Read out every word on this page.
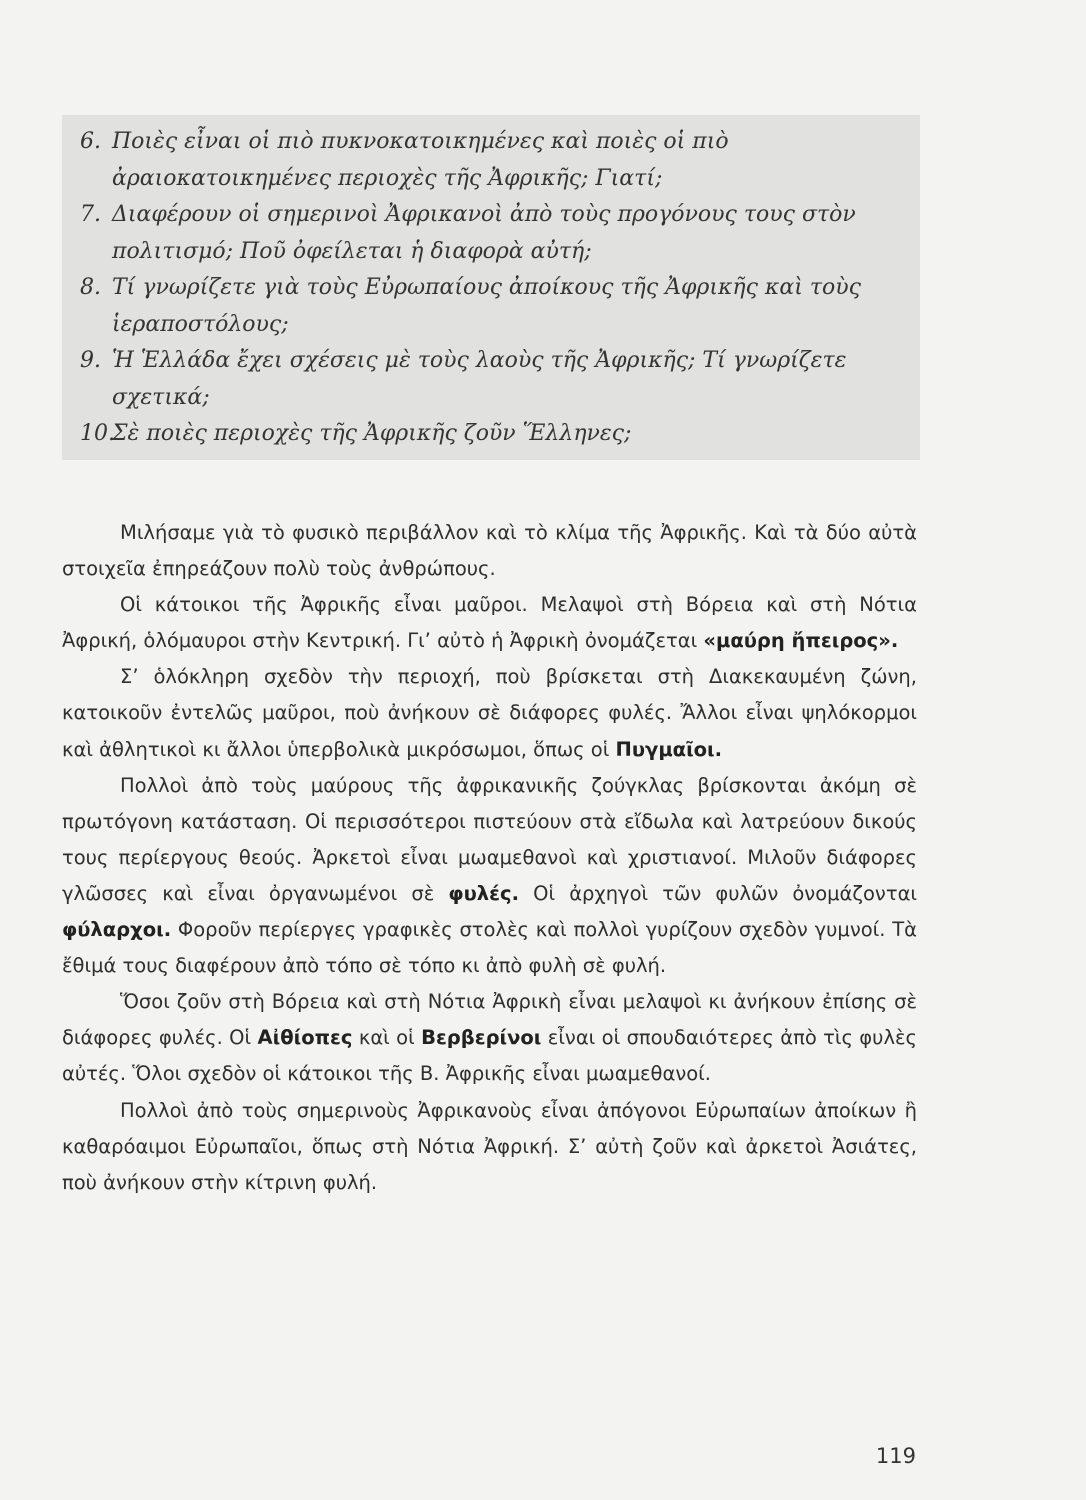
6. Ποιὲς εἶναι οἱ πιὸ πυκνοκατοικημένες καὶ ποιὲς οἱ πιὸ ἀραιοκατοικημένες περιοχὲς τῆς Ἀφρικῆς; Γιατί;
7. Διαφέρουν οἱ σημερινοὶ Ἀφρικανοὶ ἀπὸ τοὺς προγόνους τους στὸν πολιτισμό; Ποῦ ὀφείλεται ἡ διαφορὰ αὐτή;
8. Τί γνωρίζετε γιὰ τοὺς Εὐρωπαίους ἀποίκους τῆς Ἀφρικῆς καὶ τοὺς ἱεραποστόλους;
9. Ἡ Ἑλλάδα ἔχει σχέσεις μὲ τοὺς λαοὺς τῆς Ἀφρικῆς; Τί γνωρίζετε σχετικά;
10.
Σὲ ποιὲς περιοχὲς τῆς Ἀφρικῆς ζοῦν Ἕλληνες;

Μιλήσαμε γιὰ τὸ φυσικὸ περιβάλλον καὶ τὸ κλίμα τῆς Ἀφρικῆς. Καὶ τὰ δύο αὐτὰ στοιχεῖα ἐπηρεάζουν πολὺ τοὺς ἀνθρώπους.

Οἱ κάτοικοι τῆς Ἀφρικῆς εἶναι μαῦροι. Μελαψοὶ στὴ Βόρεια καὶ στὴ Νότια Ἀφρική, ὁλόμαυροι στὴν Κεντρική. Γι’ αὐτὸ ἡ Ἀφρικὴ ὀνομάζεται «μαύρη ἤπειρος».

Σ’ ὁλόκληρη σχεδὸν τὴν περιοχή, ποὺ βρίσκεται στὴ Διακεκαυμένη ζώνη, κατοικοῦν ἐντελῶς μαῦροι, ποὺ ἀνήκουν σὲ διάφορες φυλές. Ἄλλοι εἶναι ψηλόκορμοι καὶ ἀθλητικοὶ κι ἄλλοι ὑπερβολικὰ μικρόσωμοι, ὅπως οἱ Πυγμαῖοι.

Πολλοὶ ἀπὸ τοὺς μαύρους τῆς ἀφρικανικῆς ζούγκλας βρίσκονται ἀκόμη σὲ πρωτόγονη κατάσταση. Οἱ περισσότεροι πιστεύουν στὰ εἴδωλα καὶ λατρεύουν δικούς τους περίεργους θεούς. Ἀρκετοὶ εἶναι μωαμεθανοὶ καὶ χριστιανοί. Μιλοῦν διάφορες γλῶσσες καὶ εἶναι ὀργανωμένοι σὲ φυλές. Οἱ ἀρχηγοὶ τῶν φυλῶν ὀνομάζονται φύλαρχοι. Φοροῦν περίεργες γραφικὲς στολὲς καὶ πολλοὶ γυρίζουν σχεδὸν γυμνοί. Τὰ ἔθιμά τους διαφέρουν ἀπὸ τόπο σὲ τόπο κι ἀπὸ φυλὴ σὲ φυλή.

Ὅσοι ζοῦν στὴ Βόρεια καὶ στὴ Νότια Ἀφρικὴ εἶναι μελαψοὶ κι ἀνήκουν ἐπίσης σὲ διάφορες φυλές. Οἱ Αἰθίοπες καὶ οἱ Βερβερίνοι εἶναι οἱ σπουδαιότερες ἀπὸ τὶς φυλὲς αὐτές. Ὅλοι σχεδὸν οἱ κάτοικοι τῆς Β. Ἀφρικῆς εἶναι μωαμεθανοί.

Πολλοὶ ἀπὸ τοὺς σημερινοὺς Ἀφρικανοὺς εἶναι ἀπόγονοι Εὐρωπαίων ἀποίκων ἢ καθαρόαιμοι Εὐρωπαῖοι, ὅπως στὴ Νότια Ἀφρική. Σ’ αὐτὴ ζοῦν καὶ ἀρκετοὶ Ἀσιάτες, ποὺ ἀνήκουν στὴν κίτρινη φυλή.

119
